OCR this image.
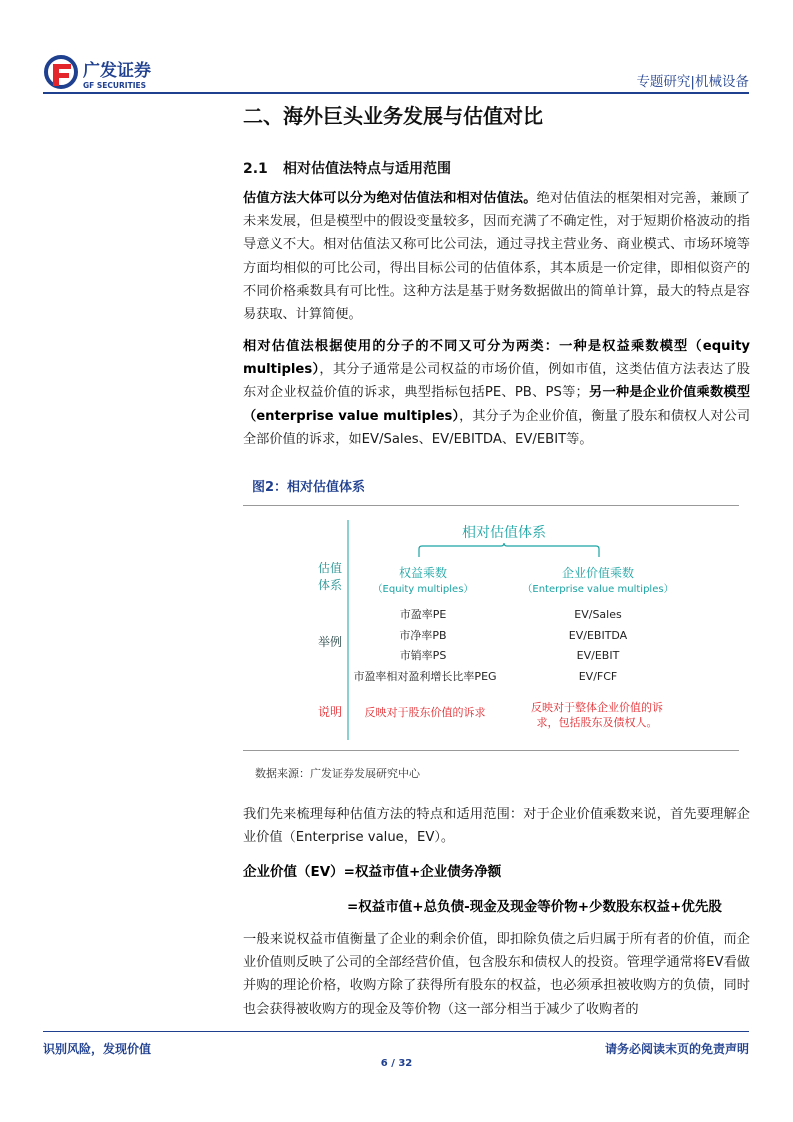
广发证券
GF SECURITIES	专题研究|机械设备
二、海外巨头业务发展与估值对比
2.1 相对估值法特点与适用范围
估值方法大体可以分为绝对估值法和相对估值法。绝对估值法的框架相对完善，兼顾了未来发展，但是模型中的假设变量较多，因而充满了不确定性，对于短期价格波动的指导意义不大。相对估值法又称可比公司法，通过寻找主营业务、商业模式、市场环境等方面均相似的可比公司，得出目标公司的估值体系，其本质是一价定律，即相似资产的不同价格乘数具有可比性。这种方法是基于财务数据做出的简单计算，最大的特点是容易获取、计算简便。
相对估值法根据使用的分子的不同又可分为两类：一种是权益乘数模型（equity multiples），其分子通常是公司权益的市场价值，例如市值，这类估值方法表达了股东对企业权益价值的诉求，典型指标包括PE、PB、PS等；另一种是企业价值乘数模型（enterprise value multiples），其分子为企业价值，衡量了股东和债权人对公司全部价值的诉求，如EV/Sales、EV/EBITDA、EV/EBIT等。
图2：相对估值体系
相对估值体系
估值
体系
举例
说明
权益乘数
（Equity multiples）
市盈率PE
市净率PB
市销率PS
市盈率相对盈利增长比率PEG
反映对于股东价值的诉求
企业价值乘数
（Enterprise value multiples）
EV/Sales
EV/EBITDA
EV/EBIT
EV/FCF
反映对于整体企业价值的诉
求，包括股东及债权人。
数据来源：广发证券发展研究中心
我们先来梳理每种估值方法的特点和适用范围：对于企业价值乘数来说，首先要理解企业价值（Enterprise value，EV）。
企业价值（EV）=权益市值+企业债务净额
=权益市值+总负债-现金及现金等价物+少数股东权益+优先股
一般来说权益市值衡量了企业的剩余价值，即扣除负债之后归属于所有者的价值，而企业价值则反映了公司的全部经营价值，包含股东和债权人的投资。管理学通常将EV看做并购的理论价格，收购方除了获得所有股东的权益，也必须承担被收购方的负债，同时也会获得被收购方的现金及等价物（这一部分相当于减少了收购者的
识别风险，发现价值	请务必阅读末页的免责声明
6 / 32
